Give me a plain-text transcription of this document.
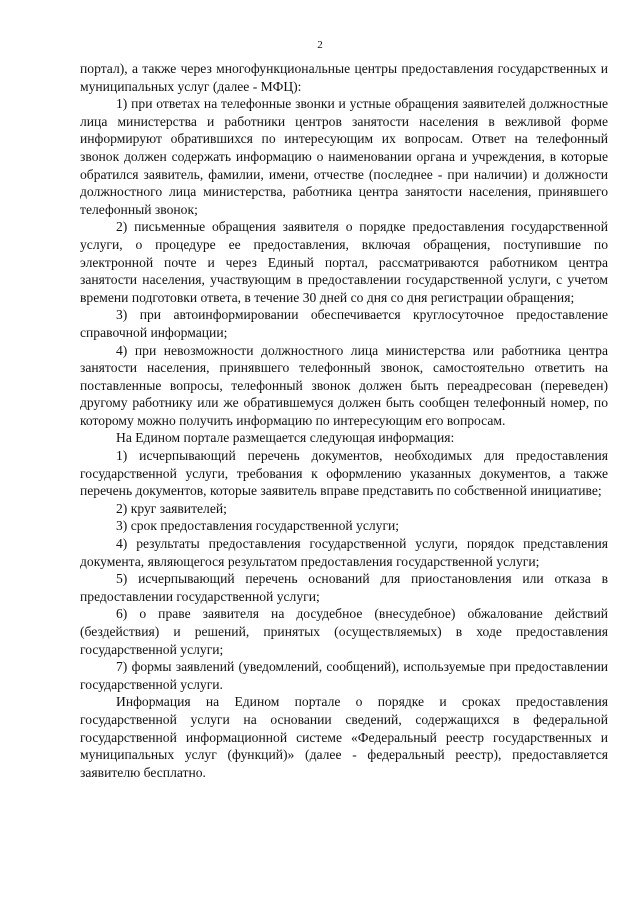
2

портал), а также через многофункциональные центры предоставления государственных и муниципальных услуг (далее - МФЦ):

1) при ответах на телефонные звонки и устные обращения заявителей должностные лица министерства и работники центров занятости населения в вежливой форме информируют обратившихся по интересующим их вопросам. Ответ на телефонный звонок должен содержать информацию о наименовании органа и учреждения, в которые обратился заявитель, фамилии, имени, отчестве (последнее - при наличии) и должности должностного лица министерства, работника центра занятости населения, принявшего телефонный звонок;

2) письменные обращения заявителя о порядке предоставления государственной услуги, о процедуре ее предоставления, включая обращения, поступившие по электронной почте и через Единый портал, рассматриваются работником центра занятости населения, участвующим в предоставлении государственной услуги, с учетом времени подготовки ответа, в течение 30 дней со дня со дня регистрации обращения;

3) при автоинформировании обеспечивается круглосуточное предоставление справочной информации;

4) при невозможности должностного лица министерства или работника центра занятости населения, принявшего телефонный звонок, самостоятельно ответить на поставленные вопросы, телефонный звонок должен быть переадресован (переведен) другому работнику или же обратившемуся должен быть сообщен телефонный номер, по которому можно получить информацию по интересующим его вопросам.

На Едином портале размещается следующая информация:

1) исчерпывающий перечень документов, необходимых для предоставления государственной услуги, требования к оформлению указанных документов, а также перечень документов, которые заявитель вправе представить по собственной инициативе;

2) круг заявителей;

3) срок предоставления государственной услуги;

4) результаты предоставления государственной услуги, порядок представления документа, являющегося результатом предоставления государственной услуги;

5) исчерпывающий перечень оснований для приостановления или отказа в предоставлении государственной услуги;

6) о праве заявителя на досудебное (внесудебное) обжалование действий (бездействия) и решений, принятых (осуществляемых) в ходе предоставления государственной услуги;

7) формы заявлений (уведомлений, сообщений), используемые при предоставлении государственной услуги.

Информация на Едином портале о порядке и сроках предоставления государственной услуги на основании сведений, содержащихся в федеральной государственной информационной системе «Федеральный реестр государственных и муниципальных услуг (функций)» (далее - федеральный реестр), предоставляется заявителю бесплатно.
